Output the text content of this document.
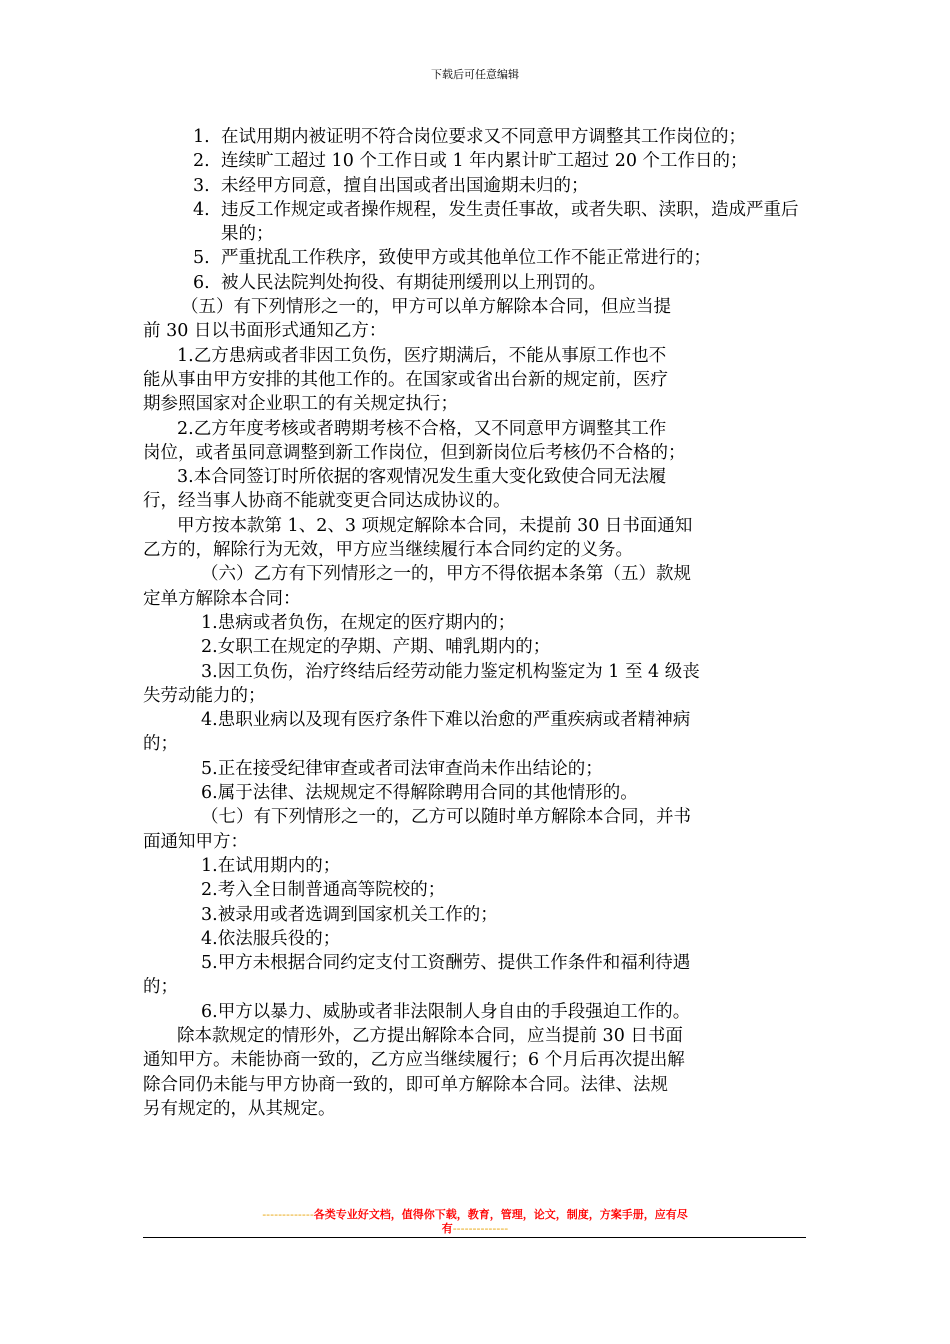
下载后可任意编辑
1. 在试用期内被证明不符合岗位要求又不同意甲方调整其工作岗位的；
2. 连续旷工超过 10 个工作日或 1 年内累计旷工超过 20 个工作日的；
3. 未经甲方同意，擅自出国或者出国逾期未归的；
4. 违反工作规定或者操作规程，发生责任事故，或者失职、渎职，造成严重后果的；
5. 严重扰乱工作秩序，致使甲方或其他单位工作不能正常进行的；
6. 被人民法院判处拘役、有期徒刑缓刑以上刑罚的。

（五）有下列情形之一的，甲方可以单方解除本合同，但应当提

前 30 日以书面形式通知乙方：

1.乙方患病或者非因工负伤，医疗期满后，不能从事原工作也不

能从事由甲方安排的其他工作的。在国家或省出台新的规定前，医疗

期参照国家对企业职工的有关规定执行；

2.乙方年度考核或者聘期考核不合格，又不同意甲方调整其工作

岗位，或者虽同意调整到新工作岗位，但到新岗位后考核仍不合格的；

3.本合同签订时所依据的客观情况发生重大变化致使合同无法履

行，经当事人协商不能就变更合同达成协议的。

甲方按本款第 1、2、3 项规定解除本合同，未提前 30 日书面通知

乙方的，解除行为无效，甲方应当继续履行本合同约定的义务。

（六）乙方有下列情形之一的，甲方不得依据本条第（五）款规

定单方解除本合同：

1.患病或者负伤，在规定的医疗期内的；

2.女职工在规定的孕期、产期、哺乳期内的；

3.因工负伤，治疗终结后经劳动能力鉴定机构鉴定为 1 至 4 级丧

失劳动能力的；

4.患职业病以及现有医疗条件下难以治愈的严重疾病或者精神病

的；

5.正在接受纪律审查或者司法审查尚未作出结论的；

6.属于法律、法规规定不得解除聘用合同的其他情形的。

（七）有下列情形之一的，乙方可以随时单方解除本合同，并书

面通知甲方：

1.在试用期内的；

2.考入全日制普通高等院校的；

3.被录用或者选调到国家机关工作的；

4.依法服兵役的；

5.甲方未根据合同约定支付工资酬劳、提供工作条件和福利待遇

的；

6.甲方以暴力、威胁或者非法限制人身自由的手段强迫工作的。

除本款规定的情形外，乙方提出解除本合同，应当提前 30 日书面

通知甲方。未能协商一致的，乙方应当继续履行；6 个月后再次提出解

除合同仍未能与甲方协商一致的，即可单方解除本合同。法律、法规

另有规定的，从其规定。

-------------各类专业好文档，值得你下载，教育，管理，论文，制度，方案手册，应有尽
有--------------
